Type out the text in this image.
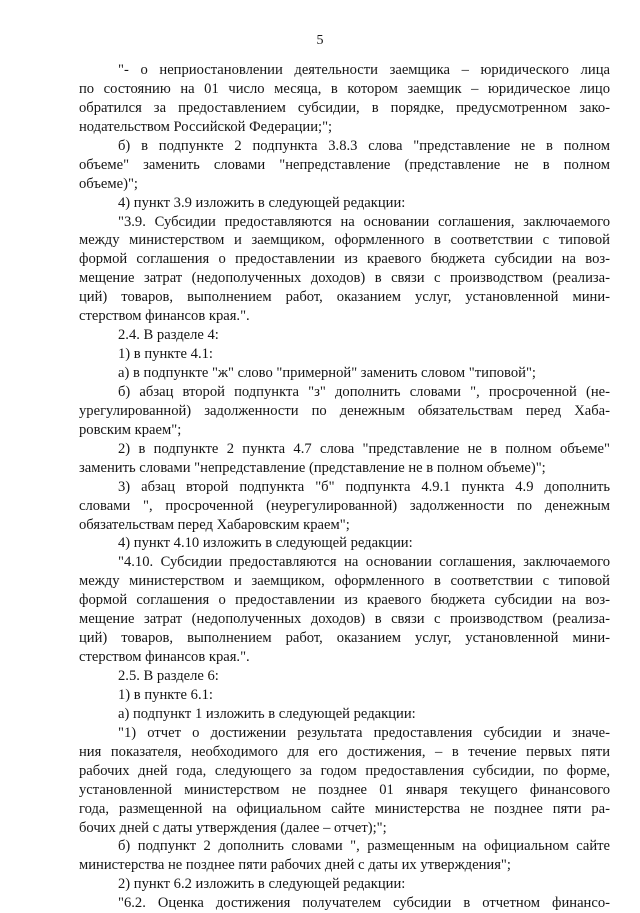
5
"- о неприостановлении деятельности заемщика – юридического лица
по состоянию на 01 число месяца, в котором заемщик – юридическое лицо
обратился за предоставлением субсидии, в порядке, предусмотренном зако-
нодательством Российской Федерации;";
б) в подпункте 2 подпункта 3.8.3 слова "представление не в полном
объеме" заменить словами "непредставление (представление не в полном
объеме)";
4) пункт 3.9 изложить в следующей редакции:
"3.9. Субсидии предоставляются на основании соглашения, заключаемого
между министерством и заемщиком, оформленного в соответствии с типовой
формой соглашения о предоставлении из краевого бюджета субсидии на воз-
мещение затрат (недополученных доходов) в связи с производством (реализа-
ций) товаров, выполнением работ, оказанием услуг, установленной мини-
стерством финансов края.".
2.4. В разделе 4:
1) в пункте 4.1:
а) в подпункте "ж" слово "примерной" заменить словом "типовой";
б) абзац второй подпункта "з" дополнить словами ", просроченной (не-
урегулированной) задолженности по денежным обязательствам перед Хаба-
ровским краем";
2) в подпункте 2 пункта 4.7 слова "представление не в полном объеме"
заменить словами "непредставление (представление не в полном объеме)";
3) абзац второй подпункта "б" подпункта 4.9.1 пункта 4.9 дополнить
словами ", просроченной (неурегулированной) задолженности по денежным
обязательствам перед Хабаровским краем";
4) пункт 4.10 изложить в следующей редакции:
"4.10. Субсидии предоставляются на основании соглашения, заключаемого
между министерством и заемщиком, оформленного в соответствии с типовой
формой соглашения о предоставлении из краевого бюджета субсидии на воз-
мещение затрат (недополученных доходов) в связи с производством (реализа-
ций) товаров, выполнением работ, оказанием услуг, установленной мини-
стерством финансов края.".
2.5. В разделе 6:
1) в пункте 6.1:
а) подпункт 1 изложить в следующей редакции:
"1) отчет о достижении результата предоставления субсидии и значе-
ния показателя, необходимого для его достижения, – в течение первых пяти
рабочих дней года, следующего за годом предоставления субсидии, по форме,
установленной министерством не позднее 01 января текущего финансового
года, размещенной на официальном сайте министерства не позднее пяти ра-
бочих дней с даты утверждения (далее – отчет);";
б) подпункт 2 дополнить словами ", размещенным на официальном сайте
министерства не позднее пяти рабочих дней с даты их утверждения";
2) пункт 6.2 изложить в следующей редакции:
"6.2. Оценка достижения получателем субсидии в отчетном финансо-
